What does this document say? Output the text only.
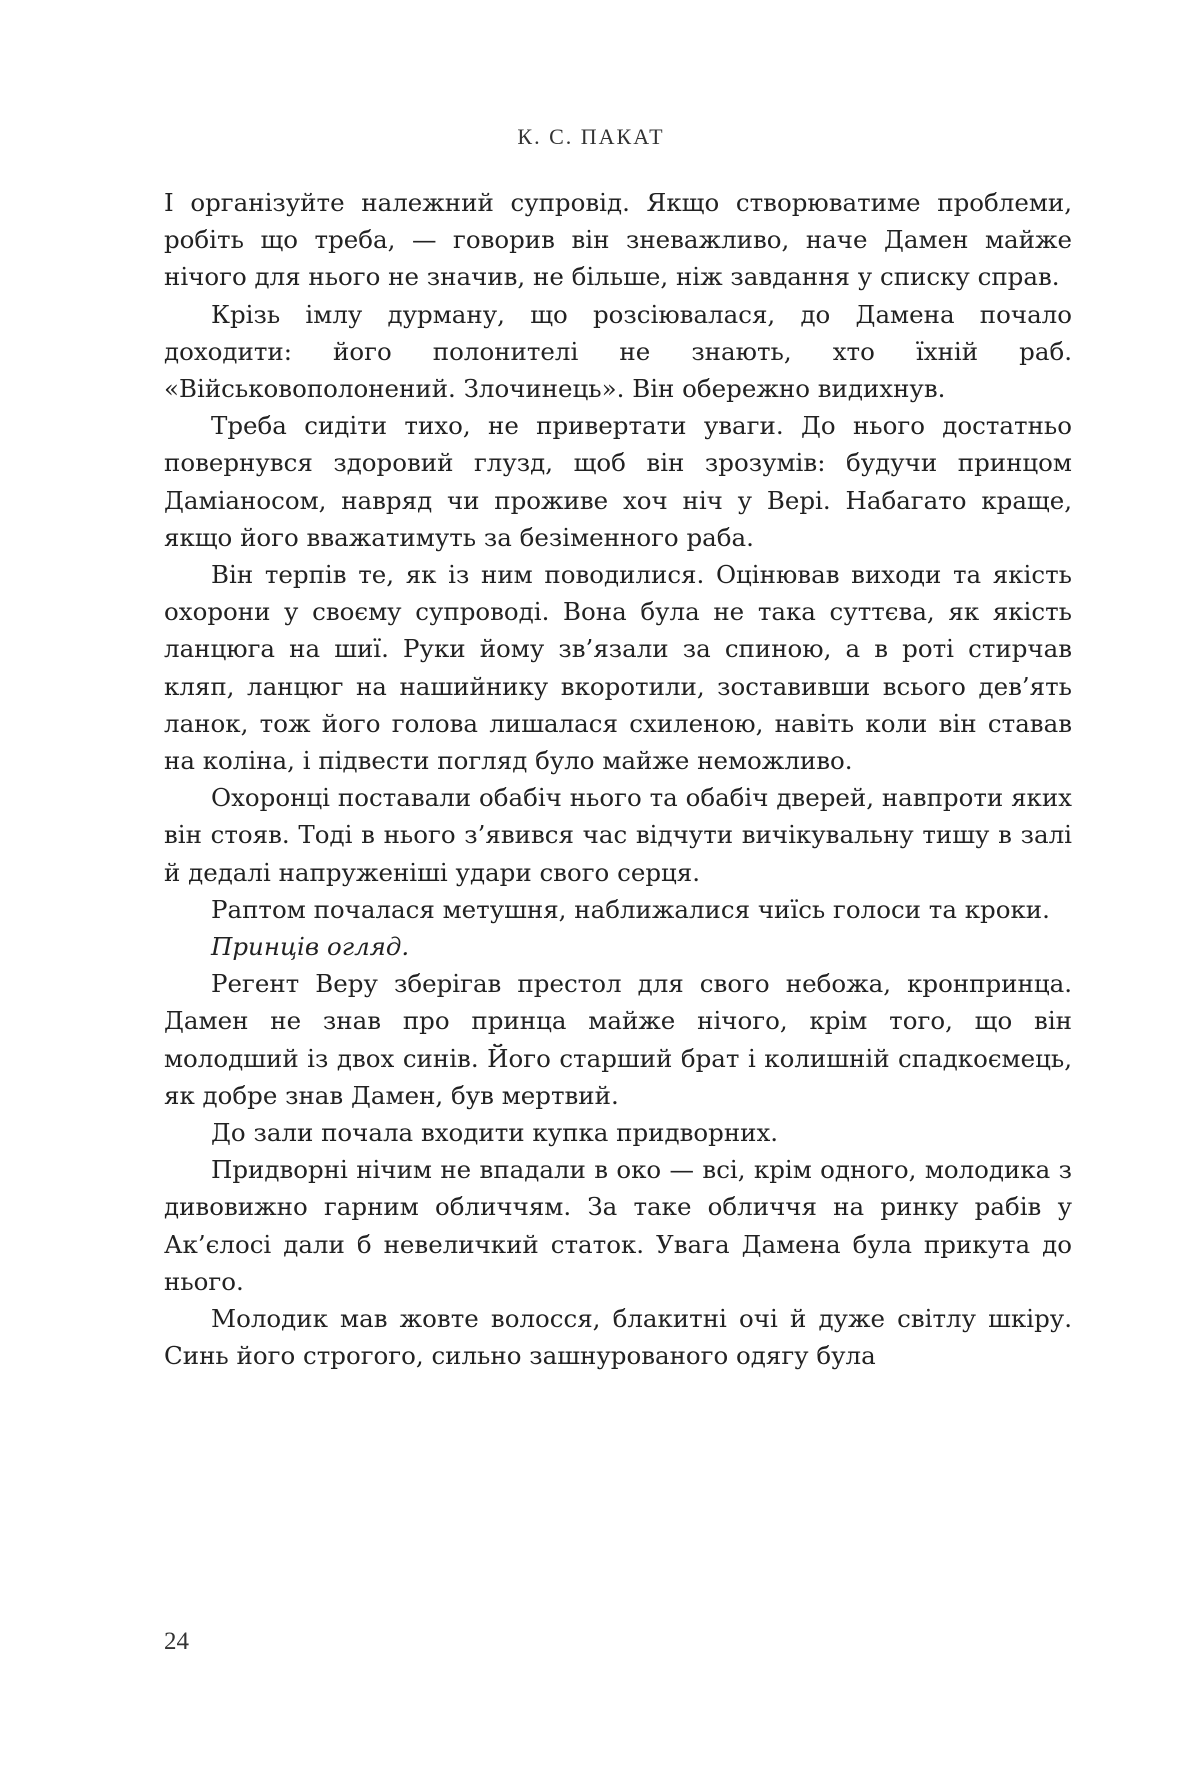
К. С. ПАКАТ

І організуйте належний супровід. Якщо створюватиме проблеми, робіть що треба, — говорив він зневажливо, наче Дамен майже нічого для нього не значив, не більше, ніж завдання у списку справ.

Крізь імлу дурману, що розсіювалася, до Дамена почало доходити: його полонителі не знають, хто їхній раб. «Військовополонений. Злочинець». Він обережно видихнув.

Треба сидіти тихо, не привертати уваги. До нього достатньо повернувся здоровий глузд, щоб він зрозумів: будучи принцом Даміаносом, навряд чи проживе хоч ніч у Вері. Набагато краще, якщо його вважатимуть за безіменного раба.

Він терпів те, як із ним поводилися. Оцінював виходи та якість охорони у своєму супроводі. Вона була не така суттєва, як якість ланцюга на шиї. Руки йому зв’язали за спиною, а в роті стирчав кляп, ланцюг на нашийнику вкоротили, зоставивши всього дев’ять ланок, тож його голова лишалася схиленою, навіть коли він ставав на коліна, і підвести погляд було майже неможливо.

Охоронці поставали обабіч нього та обабіч дверей, навпроти яких він стояв. Тоді в нього з’явився час відчути вичікувальну тишу в залі й дедалі напруженіші удари свого серця.

Раптом почалася метушня, наближалися чиїсь голоси та кроки.

Принців огляд.

Регент Веру зберігав престол для свого небожа, кронпринца. Дамен не знав про принца майже нічого, крім того, що він молодший із двох синів. Його старший брат і колишній спадкоємець, як добре знав Дамен, був мертвий.

До зали почала входити купка придворних.

Придворні нічим не впадали в око — всі, крім одного, молодика з дивовижно гарним обличчям. За таке обличчя на ринку рабів у Ак’єлосі дали б невеличкий статок. Увага Дамена була прикута до нього.

Молодик мав жовте волосся, блакитні очі й дуже світлу шкіру. Синь його строгого, сильно зашнурованого одягу була

24
